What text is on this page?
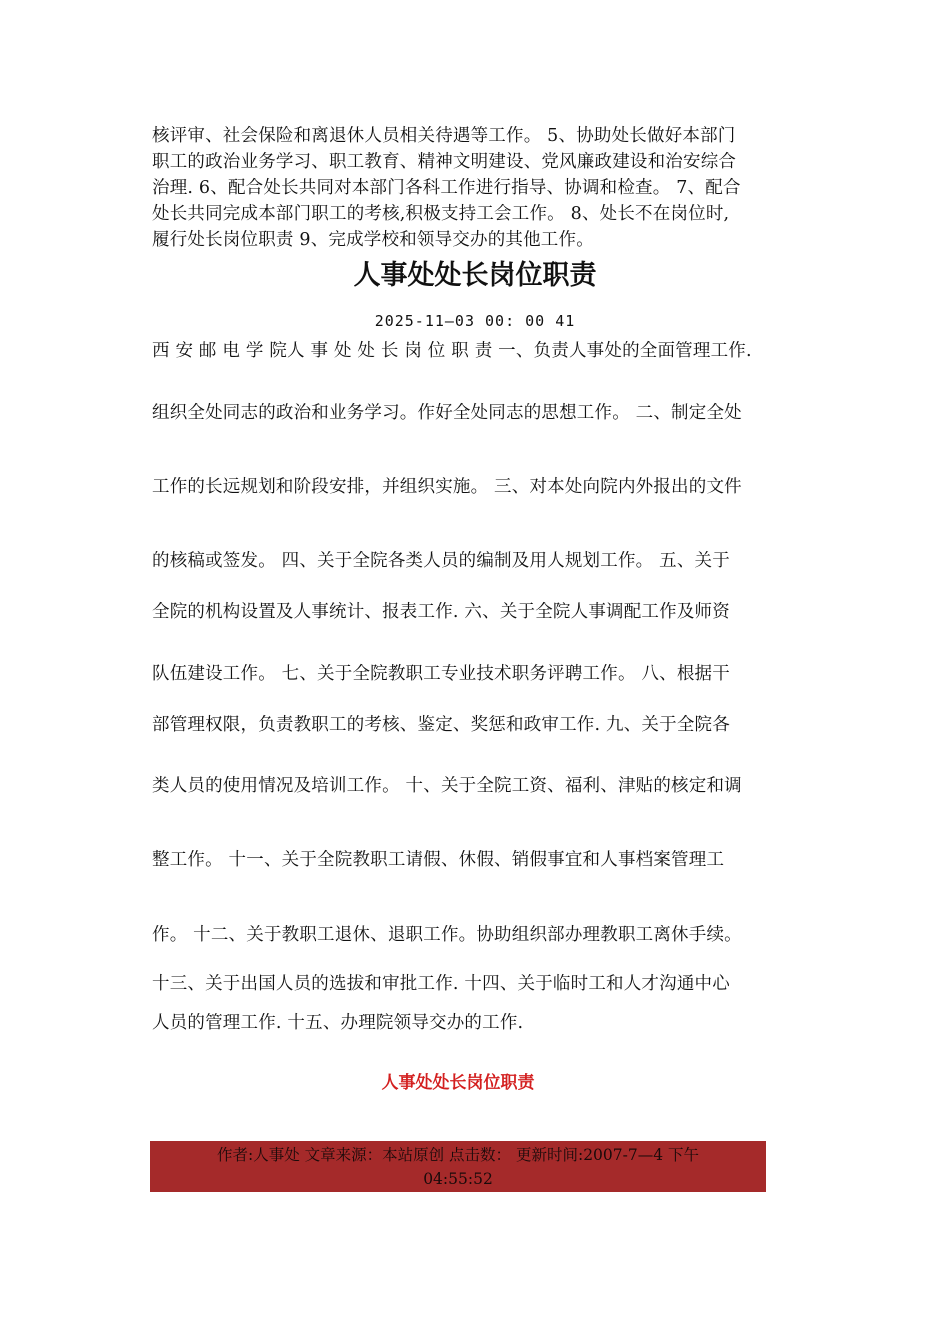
核评审、社会保险和离退休人员相关待遇等工作。 5、协助处长做好本部门
职工的政治业务学习、职工教育、精神文明建设、党风廉政建设和治安综合
治理. 6、配合处长共同对本部门各科工作进行指导、协调和检查。 7、配合
处长共同完成本部门职工的考核,积极支持工会工作。 8、处长不在岗位时,
履行处长岗位职责 9、完成学校和领导交办的其他工作。
人事处处长岗位职责
2025-11—03 00: 00 41
西 安 邮 电 学 院人 事 处 处 长 岗 位 职 责 一、负责人事处的全面管理工作.
组织全处同志的政治和业务学习。作好全处同志的思想工作。 二、制定全处
工作的长远规划和阶段安排，并组织实施。 三、对本处向院内外报出的文件
的核稿或签发。 四、关于全院各类人员的编制及用人规划工作。 五、关于
全院的机构设置及人事统计、报表工作. 六、关于全院人事调配工作及师资
队伍建设工作。 七、关于全院教职工专业技术职务评聘工作。 八、根据干
部管理权限，负责教职工的考核、鉴定、奖惩和政审工作. 九、关于全院各
类人员的使用情况及培训工作。 十、关于全院工资、福利、津贴的核定和调
整工作。 十一、关于全院教职工请假、休假、销假事宜和人事档案管理工
作。 十二、关于教职工退休、退职工作。协助组织部办理教职工离休手续。
十三、关于出国人员的选拔和审批工作. 十四、关于临时工和人才沟通中心
人员的管理工作. 十五、办理院领导交办的工作.
人事处处长岗位职责
作者:人事处 文章来源：本站原创 点击数： 更新时间:2007-7—4 下午
04:55:52
